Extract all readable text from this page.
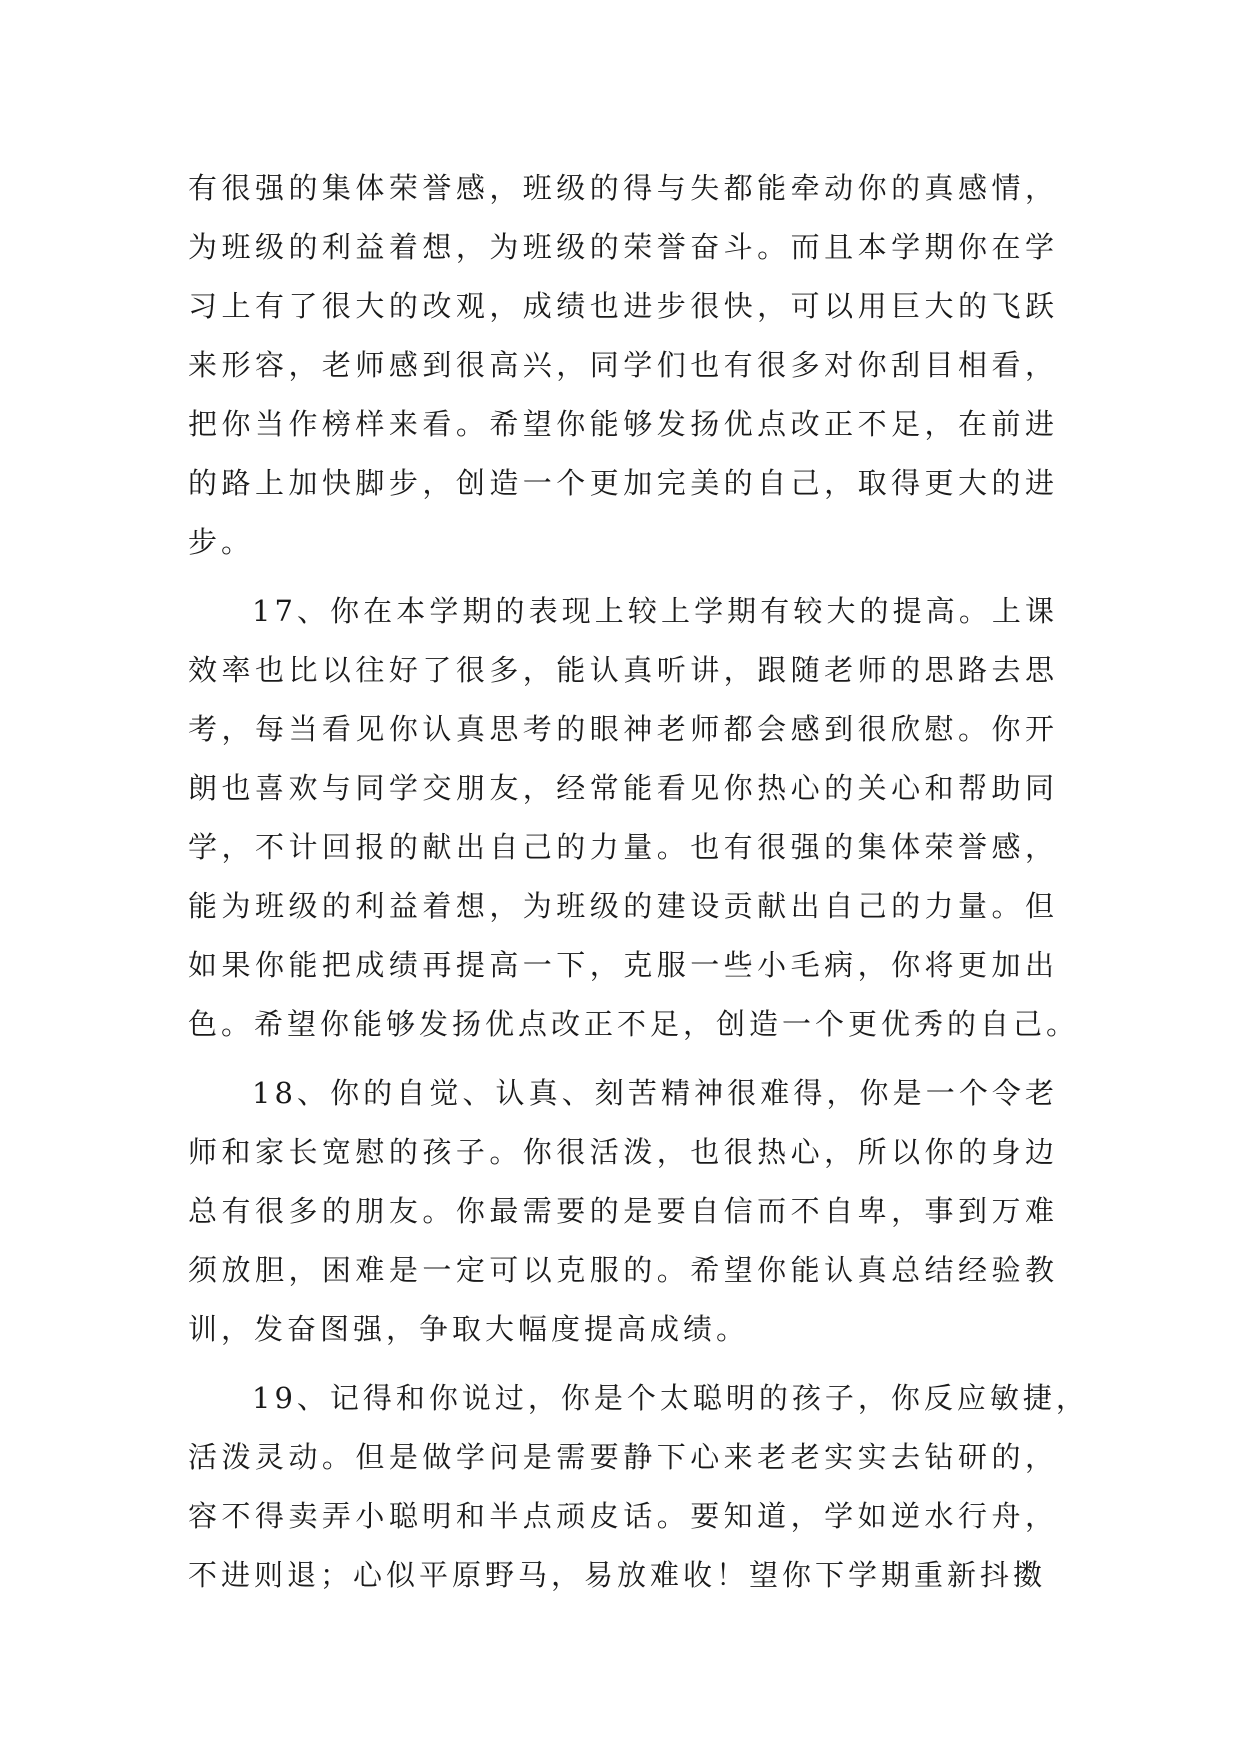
有很强的集体荣誉感，班级的得与失都能牵动你的真感情，
为班级的利益着想，为班级的荣誉奋斗。而且本学期你在学
习上有了很大的改观，成绩也进步很快，可以用巨大的飞跃
来形容，老师感到很高兴，同学们也有很多对你刮目相看，
把你当作榜样来看。希望你能够发扬优点改正不足，在前进
的路上加快脚步，创造一个更加完美的自己，取得更大的进
步。
17、你在本学期的表现上较上学期有较大的提高。上课
效率也比以往好了很多，能认真听讲，跟随老师的思路去思
考，每当看见你认真思考的眼神老师都会感到很欣慰。你开
朗也喜欢与同学交朋友，经常能看见你热心的关心和帮助同
学，不计回报的献出自己的力量。也有很强的集体荣誉感，
能为班级的利益着想，为班级的建设贡献出自己的力量。但
如果你能把成绩再提高一下，克服一些小毛病，你将更加出
色。希望你能够发扬优点改正不足，创造一个更优秀的自己。
18、你的自觉、认真、刻苦精神很难得，你是一个令老
师和家长宽慰的孩子。你很活泼，也很热心，所以你的身边
总有很多的朋友。你最需要的是要自信而不自卑，事到万难
须放胆，困难是一定可以克服的。希望你能认真总结经验教
训，发奋图强，争取大幅度提高成绩。
19、记得和你说过，你是个太聪明的孩子，你反应敏捷，
活泼灵动。但是做学问是需要静下心来老老实实去钻研的，
容不得卖弄小聪明和半点顽皮话。要知道，学如逆水行舟，
不进则退；心似平原野马，易放难收！望你下学期重新抖擞
